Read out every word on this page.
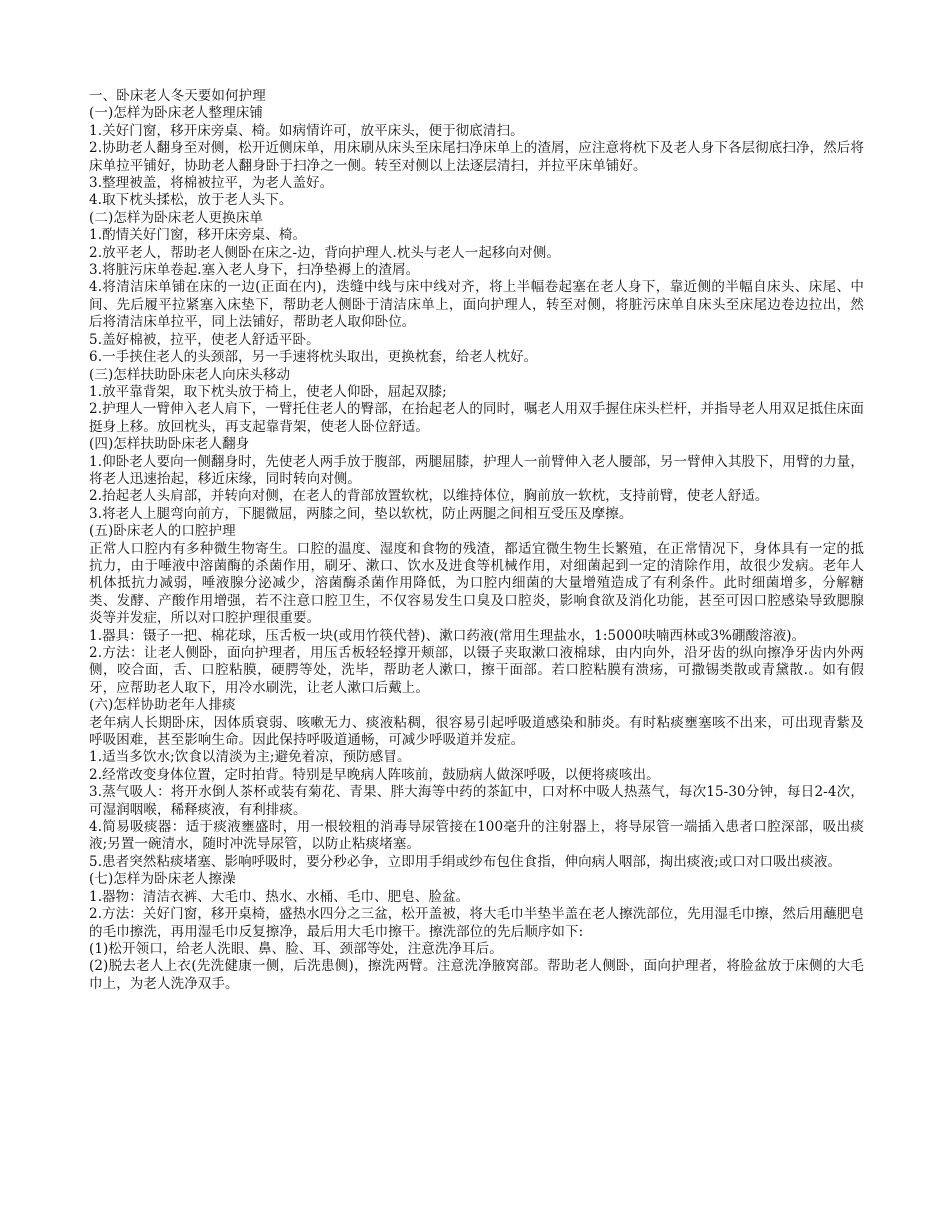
一、卧床老人冬天要如何护理

(一)怎样为卧床老人整理床铺

1.关好门窗，移开床旁桌、椅。如病情许可，放平床头，便于彻底清扫。

2.协助老人翻身至对侧，松开近侧床单，用床刷从床头至床尾扫净床单上的渣屑，应注意将枕下及老人身下各层彻底扫净，然后将床单拉平铺好，协助老人翻身卧于扫净之一侧。转至对侧以上法逐层清扫，并拉平床单铺好。

3.整理被盖，将棉被拉平，为老人盖好。

4.取下枕头揉松，放于老人头下。

(二)怎样为卧床老人更换床单

1.酌情关好门窗，移开床旁桌、椅。

2.放平老人，帮助老人侧卧在床之-边，背向护理人.枕头与老人一起移向对侧。

3.将脏污床单卷起.塞入老人身下，扫净垫褥上的渣屑。

4.将清洁床单铺在床的一边(正面在内)，迭缝中线与床中线对齐，将上半幅卷起塞在老人身下，靠近侧的半幅自床头、床尾、中间、先后履平拉紧塞入床垫下，帮助老人侧卧于清洁床单上，面向护理人，转至对侧，将脏污床单自床头至床尾边卷边拉出，然后将清洁床单拉平，同上法铺好，帮助老人取仰卧位。

5.盖好棉被，拉平，使老人舒适平卧。

6.一手挟住老人的头颈部，另一手速将枕头取出，更换枕套，给老人枕好。

(三)怎样扶助卧床老人向床头移动

1.放平靠背架，取下枕头放于椅上，使老人仰卧，屈起双膝;

2.护理人一臂伸入老人肩下，一臂托住老人的臀部，在抬起老人的同时，嘱老人用双手握住床头栏杆，并指导老人用双足抵住床面挺身上移。放回枕头，再支起靠背架，使老人卧位舒适。

(四)怎样扶助卧床老人翻身

1.仰卧老人要向一侧翻身时，先使老人两手放于腹部，两腿屈膝，护理人一前臂伸入老人腰部，另一臂伸入其股下，用臂的力量，将老人迅速抬起，移近床缘，同时转向对侧。

2.抬起老人头肩部，并转向对侧，在老人的背部放置软枕，以维持体位，胸前放一软枕，支持前臂，使老人舒适。

3.将老人上腿弯向前方，下腿微屈，两膝之间，垫以软枕，防止两腿之间相互受压及摩擦。

(五)卧床老人的口腔护理

正常人口腔内有多种微生物寄生。口腔的温度、湿度和食物的残渣，都适宜微生物生长繁殖，在正常情况下，身体具有一定的抵抗力，由于唾液中溶菌酶的杀菌作用，刷牙、漱口、饮水及进食等机械作用，对细菌起到一定的清除作用，故很少发病。老年人机体抵抗力减弱，唾液腺分泌减少，溶菌酶杀菌作用降低，为口腔内细菌的大量增殖造成了有利条件。此时细菌增多，分解糖类、发酵、产酸作用增强，若不注意口腔卫生，不仅容易发生口臭及口腔炎，影响食欲及消化功能，甚至可因口腔感染导致腮腺炎等并发症，所以对口腔护理很重要。

1.器具：镊子一把、棉花球，压舌板一块(或用竹筷代替)、漱口药液(常用生理盐水，1:5000呋喃西林或3%硼酸溶液)。

2.方法：让老人侧卧，面向护理者，用压舌板轻轻撑开颊部，以镊子夹取漱口液棉球，由内向外，沿牙齿的纵向擦净牙齿内外两侧，咬合面，舌、口腔粘膜，硬腭等处，洗毕，帮助老人漱口，擦干面部。若口腔粘膜有溃疡，可撒锡类散或青黛散.。如有假牙，应帮助老人取下，用冷水刷洗，让老人漱口后戴上。

(六)怎样协助老年人排痰

老年病人长期卧床，因体质衰弱、咳嗽无力、痰液粘稠，很容易引起呼吸道感染和肺炎。有时粘痰壅塞咳不出来，可出现青紫及呼吸困难，甚至影响生命。因此保持呼吸道通畅，可减少呼吸道并发症。

1.适当多饮水;饮食以清淡为主;避免着凉，预防感冒。

2.经常改变身体位置，定时拍背。特别是早晚病人阵咳前，鼓励病人做深呼吸，以便将痰咳出。

3.蒸气吸人：将开水倒人茶杯或装有菊花、青果、胖大海等中药的茶缸中，口对杯中吸人热蒸气，每次15-30分钟，每日2-4次，可湿润咽喉，稀释痰液，有利排痰。

4.简易吸痰器：适于痰液壅盛时，用一根较粗的消毒导尿管接在100毫升的注射器上，将导尿管一端插入患者口腔深部，吸出痰液;另置一碗清水，随时冲洗导尿管，以防止粘痰堵塞。

5.患者突然粘痰堵塞、影响呼吸时，要分秒必争，立即用手绢或纱布包住食指，伸向病人咽部，掏出痰液;或口对口吸出痰液。

(七)怎样为卧床老人擦澡

1.器物：清洁衣裤、大毛巾、热水、水桶、毛巾、肥皂、脸盆。

2.方法：关好门窗，移开桌椅，盛热水四分之三盆，松开盖被，将大毛巾半垫半盖在老人擦洗部位，先用湿毛巾擦，然后用蘸肥皂的毛巾擦洗，再用湿毛巾反复擦净，最后用大毛巾擦干。擦洗部位的先后顺序如下:

(1)松开领口，给老人洗眼、鼻、脸、耳、颈部等处，注意洗净耳后。

(2)脱去老人上衣(先洗健康一侧，后洗患侧)，擦洗两臂。注意洗净腋窝部。帮助老人侧卧，面向护理者，将脸盆放于床侧的大毛巾上，为老人洗净双手。
